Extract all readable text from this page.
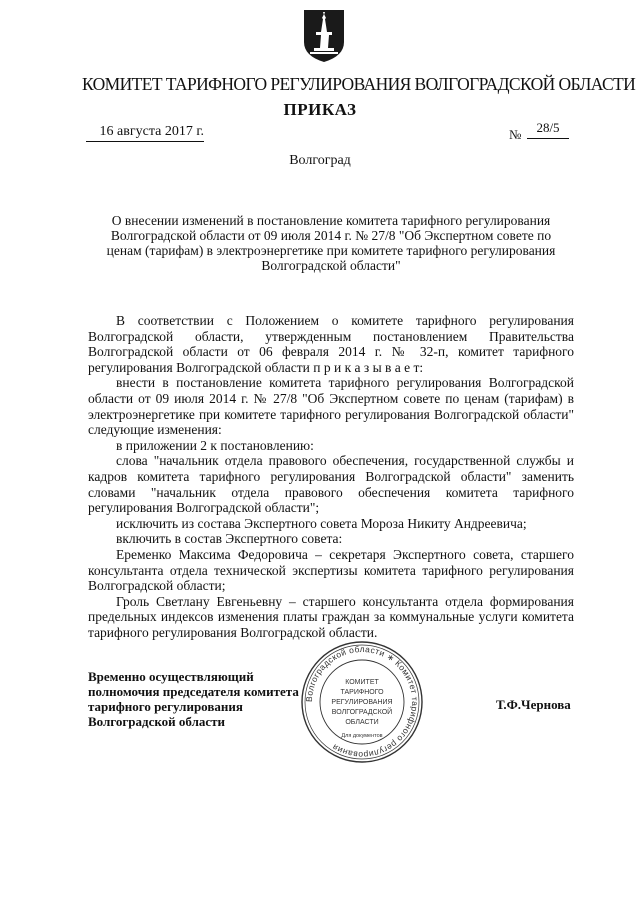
КОМИТЕТ ТАРИФНОГО РЕГУЛИРОВАНИЯ ВОЛГОГРАДСКОЙ ОБЛАСТИ
ПРИКАЗ
16 августа 2017 г.	№	28/5
Волгоград
О внесении изменений в постановление комитета тарифного регулирования Волгоградской области от 09 июля 2014 г. № 27/8 "Об Экспертном совете по ценам (тарифам) в электроэнергетике при комитете тарифного регулирования Волгоградской области"

В соответствии с Положением о комитете тарифного регулирования Волгоградской области, утвержденным постановлением Правительства Волгоградской области от 06 февраля 2014 г. № 32-п, комитет тарифного регулирования Волгоградской области п р и к а з ы в а е т:

внести в постановление комитета тарифного регулирования Волгоградской области от 09 июля 2014 г. № 27/8 "Об Экспертном совете по ценам (тарифам) в электроэнергетике при комитете тарифного регулирования Волгоградской области" следующие изменения:

в приложении 2 к постановлению:

слова "начальник отдела правового обеспечения, государственной службы и кадров комитета тарифного регулирования Волгоградской области" заменить словами "начальник отдела правового обеспечения комитета тарифного регулирования Волгоградской области";

исключить из состава Экспертного совета Мороза Никиту Андреевича;

включить в состав Экспертного совета:

Еременко Максима Федоровича – секретаря Экспертного совета, старшего консультанта отдела технической экспертизы комитета тарифного регулирования Волгоградской области;

Гроль Светлану Евгеньевну – старшего консультанта отдела формирования предельных индексов изменения платы граждан за коммунальные услуги комитета тарифного регулирования Волгоградской области.

Временно осуществляющий полномочия председателя комитета тарифного регулирования Волгоградской области
Т.Ф.Чернова
Волгоградской области ∗ Комитет тарифного регулирования
КОМИТЕТ
ТАРИФНОГО
РЕГУЛИРОВАНИЯ
ВОЛГОГРАДСКОЙ
ОБЛАСТИ
Для документов
